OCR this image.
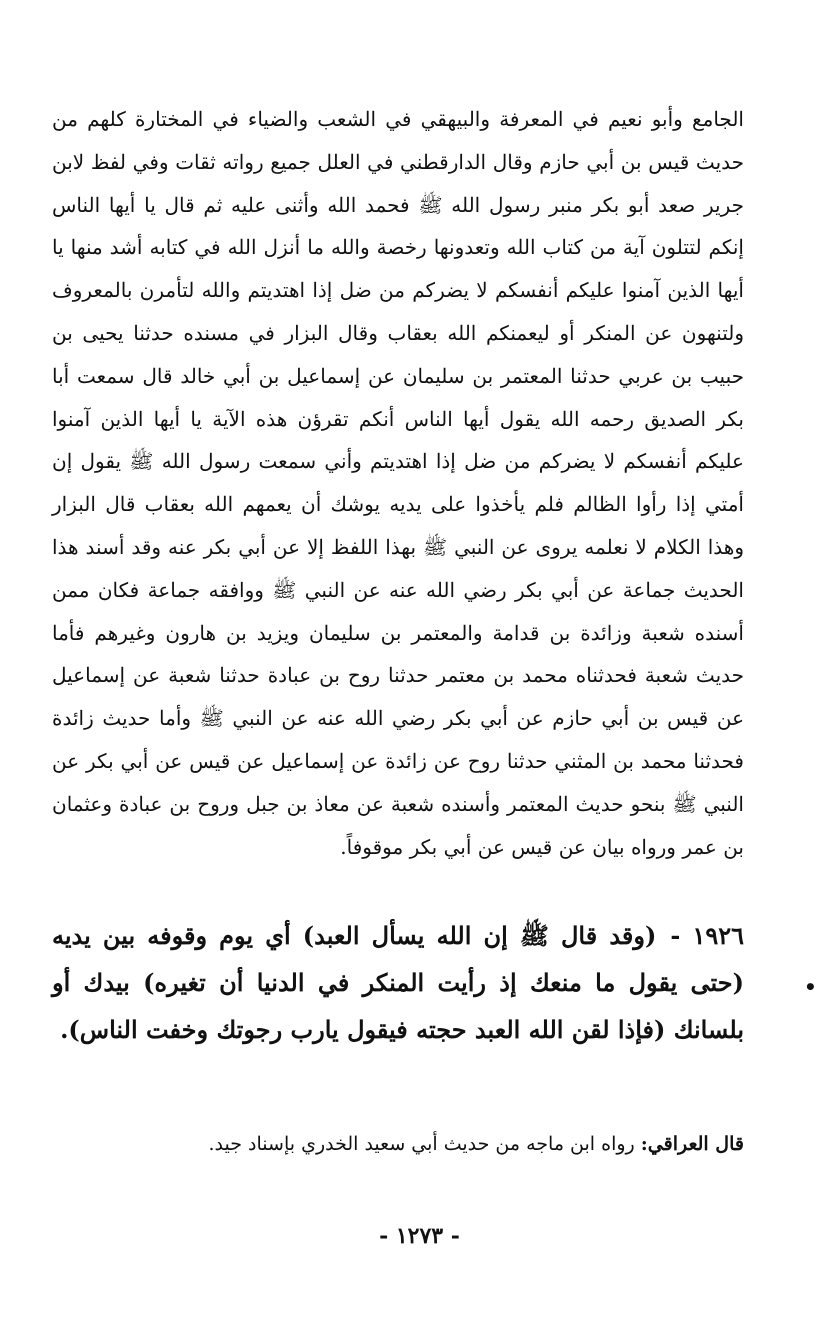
الجامع وأبو نعيم في المعرفة والبيهقي في الشعب والضياء في المختارة كلهم من حديث قيس بن أبي حازم وقال الدارقطني في العلل جميع رواته ثقات وفي لفظ لابن جرير صعد أبو بكر منبر رسول الله ﷺ فحمد الله وأثنى عليه ثم قال يا أيها الناس إنكم لتتلون آية من كتاب الله وتعدونها رخصة والله ما أنزل الله في كتابه أشد منها يا أيها الذين آمنوا عليكم أنفسكم لا يضركم من ضل إذا اهتديتم والله لتأمرن بالمعروف ولتنهون عن المنكر أو ليعمنكم الله بعقاب وقال البزار في مسنده حدثنا يحيى بن حبيب بن عربي حدثنا المعتمر بن سليمان عن إسماعيل بن أبي خالد قال سمعت أبا بكر الصديق رحمه الله يقول أيها الناس أنكم تقرؤن هذه الآية يا أيها الذين آمنوا عليكم أنفسكم لا يضركم من ضل إذا اهتديتم وأني سمعت رسول الله ﷺ يقول إن أمتي إذا رأوا الظالم فلم يأخذوا على يديه يوشك أن يعمهم الله بعقاب قال البزار وهذا الكلام لا نعلمه يروى عن النبي ﷺ بهذا اللفظ إلا عن أبي بكر عنه وقد أسند هذا الحديث جماعة عن أبي بكر رضي الله عنه عن النبي ﷺ ووافقه جماعة فكان ممن أسنده شعبة وزائدة بن قدامة والمعتمر بن سليمان ويزيد بن هارون وغيرهم فأما حديث شعبة فحدثناه محمد بن معتمر حدثنا روح بن عبادة حدثنا شعبة عن إسماعيل عن قيس بن أبي حازم عن أبي بكر رضي الله عنه عن النبي ﷺ وأما حديث زائدة فحدثنا محمد بن المثني حدثنا روح عن زائدة عن إسماعيل عن قيس عن أبي بكر عن النبي ﷺ بنحو حديث المعتمر وأسنده شعبة عن معاذ بن جبل وروح بن عبادة وعثمان بن عمر ورواه بيان عن قيس عن أبي بكر موقوفاً.

•

١٩٢٦ -(وقد قال ﷺ إن الله يسأل العبد) أي يوم وقوفه بين يديه (حتى يقول ما منعك إذ رأيت المنكر في الدنيا أن تغيره) بيدك أو بلسانك (فإذا لقن الله العبد حجته فيقول يارب رجوتك وخفت الناس).

قال العراقي: رواه ابن ماجه من حديث أبي سعيد الخدري بإسناد جيد.

- ١٢٧٣ -
